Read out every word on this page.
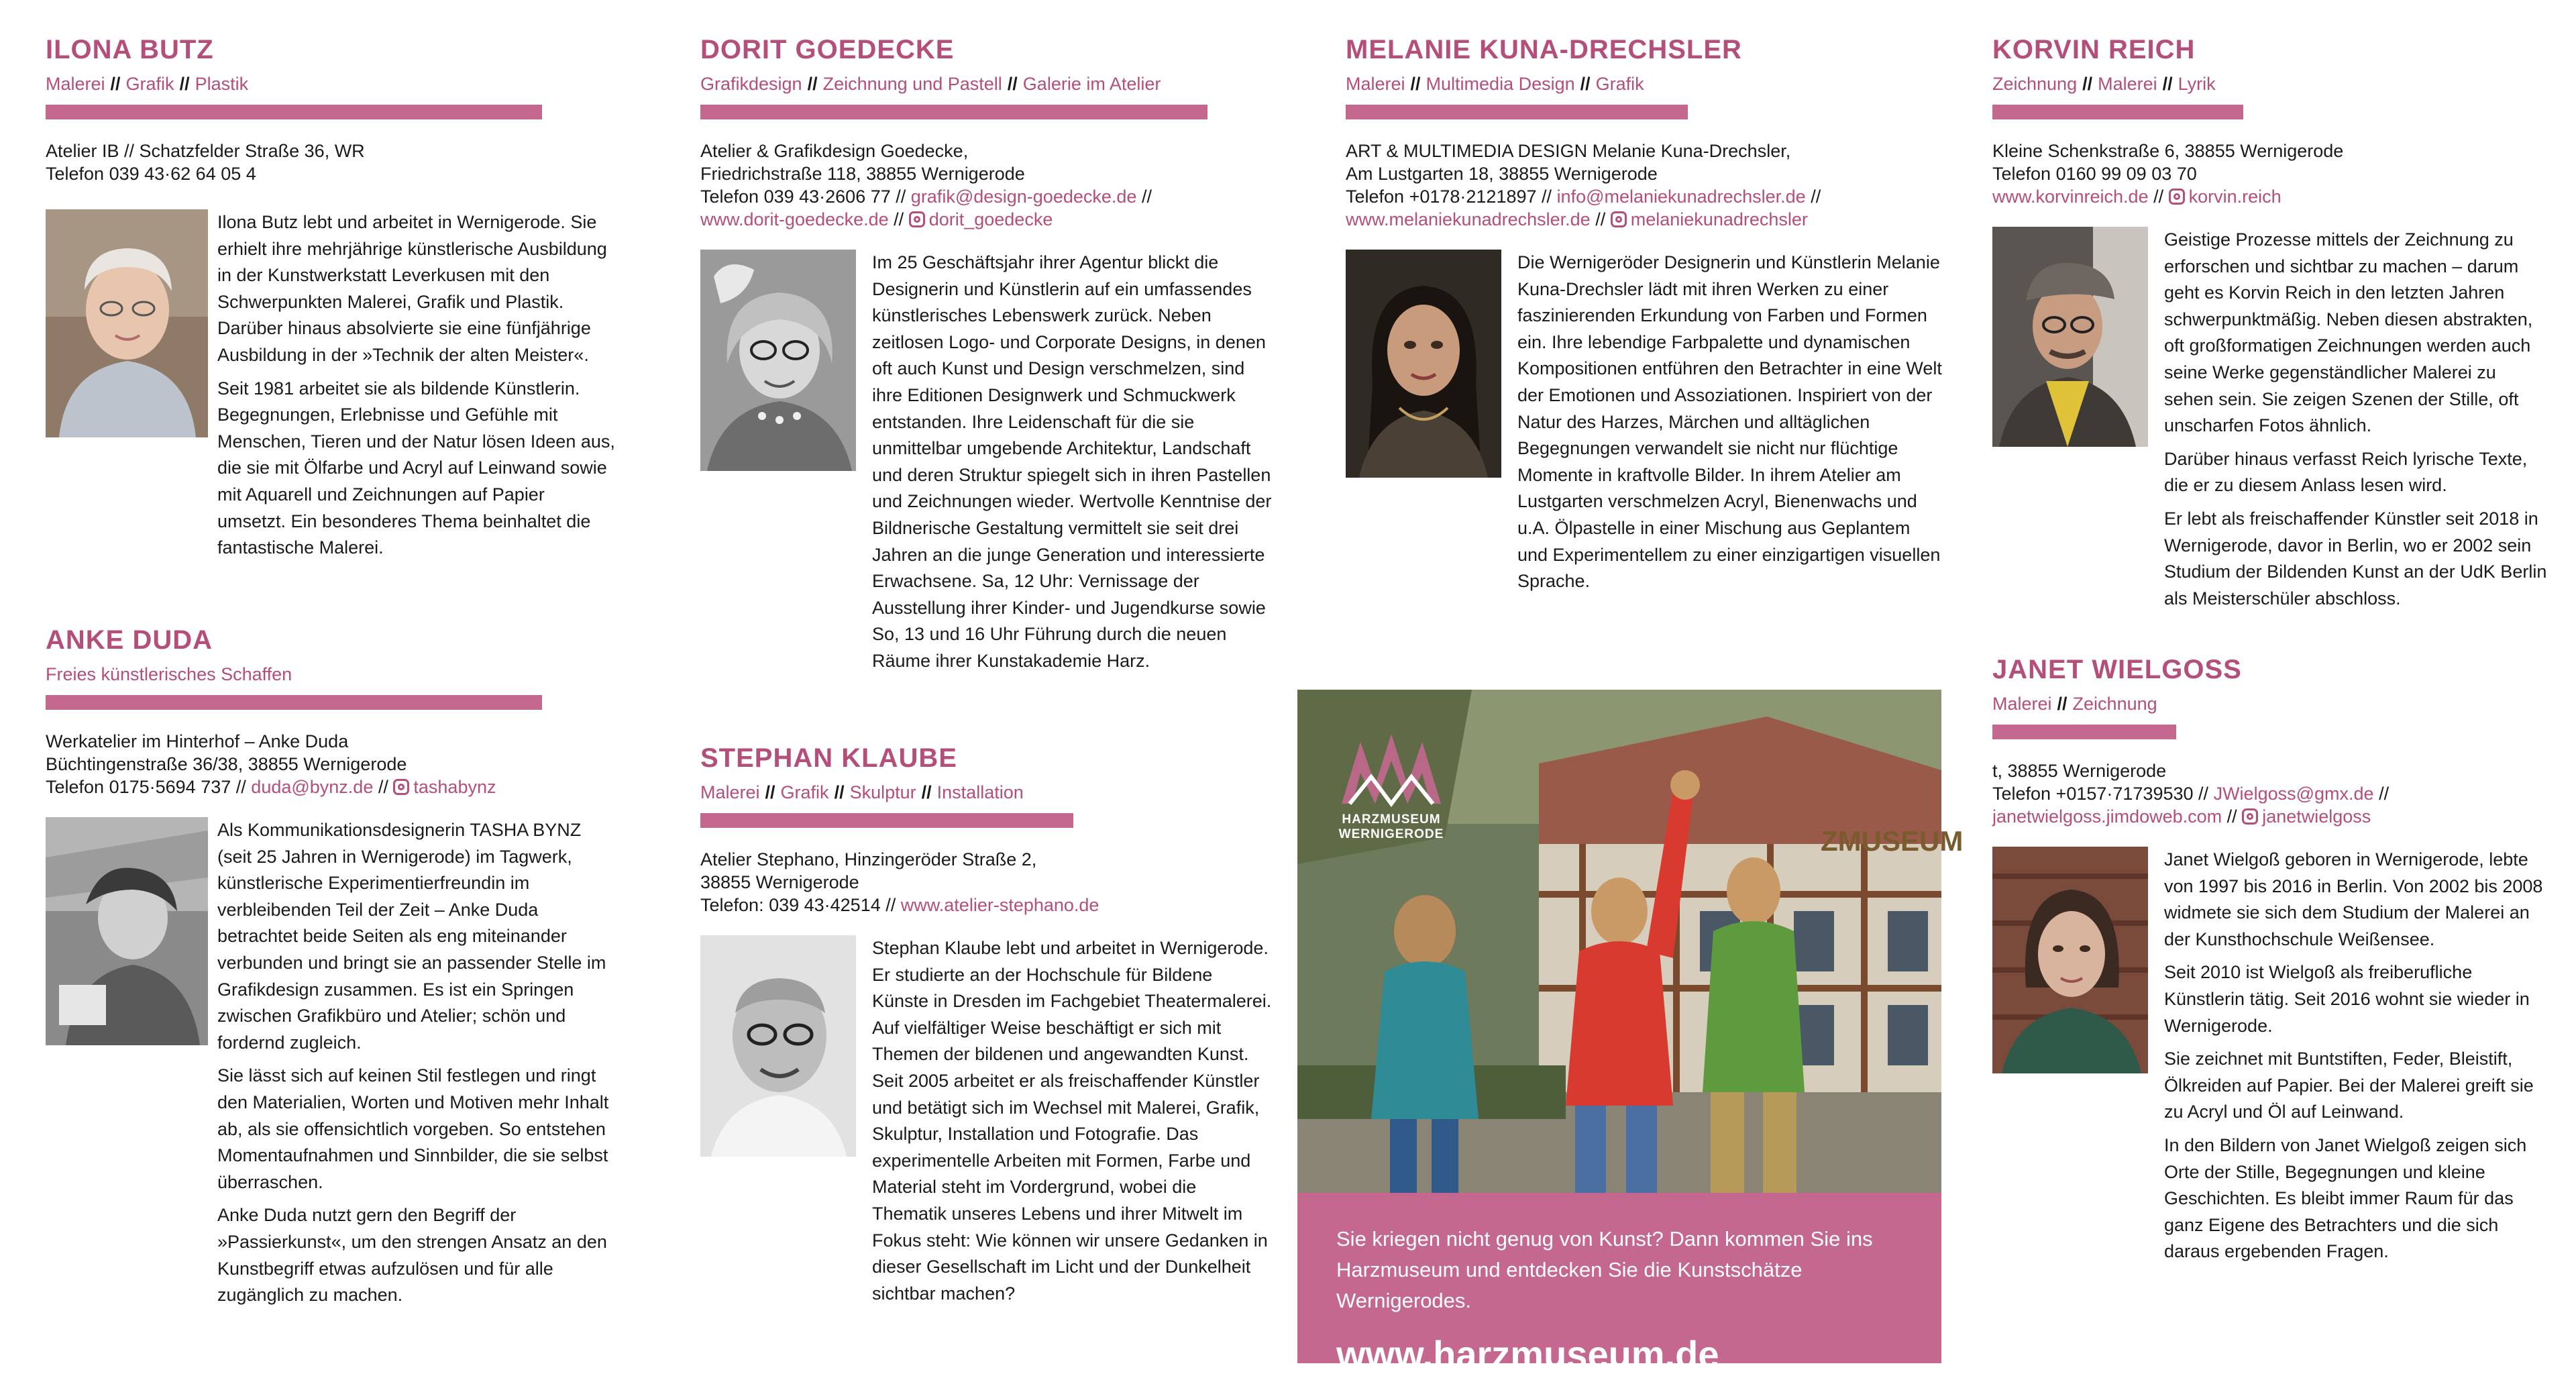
ILONA BUTZ
Malerei // Grafik // Plastik
Atelier IB // Schatzfelder Straße 36, WR
Telefon 039 43·62 64 05 4

Ilona Butz lebt und arbeitet in Wernigerode. Sie erhielt ihre mehrjährige künstlerische Ausbildung in der Kunstwerkstatt Leverkusen mit den Schwerpunkten Malerei, Grafik und Plastik. Darüber hinaus absolvierte sie eine fünfjährige Ausbildung in der »Technik der alten Meister«.

Seit 1981 arbeitet sie als bildende Künstlerin. Begegnungen, Erlebnisse und Gefühle mit Menschen, Tieren und der Natur lösen Ideen aus, die sie mit Ölfarbe und Acryl auf Leinwand sowie mit Aquarell und Zeichnungen auf Papier umsetzt. Ein besonderes Thema beinhaltet die fantastische Malerei.

ANKE DUDA
Freies künstlerisches Schaffen
Werkatelier im Hinterhof – Anke Duda
Büchtingenstraße 36/38, 38855 Wernigerode
Telefon 0175·5694 737 // duda@bynz.de // tashabynz

Als Kommunikationsdesignerin TASHA BYNZ (seit 25 Jahren in Wernigerode) im Tagwerk, künstlerische Experimentierfreundin im verbleibenden Teil der Zeit – Anke Duda betrachtet beide Seiten als eng miteinander verbunden und bringt sie an passender Stelle im Grafikdesign zusammen. Es ist ein Springen zwischen Grafikbüro und Atelier; schön und fordernd zugleich.

Sie lässt sich auf keinen Stil festlegen und ringt den Materialien, Worten und Motiven mehr Inhalt ab, als sie offensichtlich vorgeben. So entstehen Momentaufnahmen und Sinnbilder, die sie selbst überraschen.

Anke Duda nutzt gern den Begriff der »Passierkunst«, um den strengen Ansatz an den Kunstbegriff etwas aufzulösen und für alle zugänglich zu machen.

DORIT GOEDECKE
Grafikdesign // Zeichnung und Pastell // Galerie im Atelier
Atelier & Grafikdesign Goedecke,
Friedrichstraße 118, 38855 Wernigerode
Telefon 039 43·2606 77 // grafik@design-goedecke.de //
www.dorit-goedecke.de // dorit_goedecke

Im 25 Geschäftsjahr ihrer Agentur blickt die Designerin und Künstlerin auf ein umfassendes künstlerisches Lebenswerk zurück. Neben zeitlosen Logo- und Corporate Designs, in denen oft auch Kunst und Design verschmelzen, sind ihre Editionen Designwerk und Schmuckwerk entstanden. Ihre Leidenschaft für die sie unmittelbar umgebende Architektur, Landschaft und deren Struktur spiegelt sich in ihren Pastellen und Zeichnungen wieder. Wertvolle Kenntnise der Bildnerische Gestaltung vermittelt sie seit drei Jahren an die junge Generation und interessierte Erwachsene. Sa, 12 Uhr: Vernissage der Ausstellung ihrer Kinder- und Jugendkurse sowie So, 13 und 16 Uhr Führung durch die neuen Räume ihrer Kunstakademie Harz.

STEPHAN KLAUBE
Malerei // Grafik // Skulptur // Installation
Atelier Stephano, Hinzingeröder Straße 2,
38855 Wernigerode
Telefon: 039 43·42514 // www.atelier-stephano.de

Stephan Klaube lebt und arbeitet in Wernigerode. Er studierte an der Hochschule für Bildene Künste in Dresden im Fachgebiet Theatermalerei. Auf vielfältiger Weise beschäftigt er sich mit Themen der bildenen und angewandten Kunst. Seit 2005 arbeitet er als freischaffender Künstler und betätigt sich im Wechsel mit Malerei, Grafik, Skulptur, Installation und Fotografie. Das experimentelle Arbeiten mit Formen, Farbe und Material steht im Vordergrund, wobei die Thematik unseres Lebens und ihrer Mitwelt im Fokus steht: Wie können wir unsere Gedanken in dieser Gesellschaft im Licht und der Dunkelheit sichtbar machen?

MELANIE KUNA-DRECHSLER
Malerei // Multimedia Design // Grafik
ART & MULTIMEDIA DESIGN Melanie Kuna-Drechsler,
Am Lustgarten 18, 38855 Wernigerode
Telefon +0178·2121897 // info@melaniekunadrechsler.de //
www.melaniekunadrechsler.de // melaniekunadrechsler

Die Wernigeröder Designerin und Künstlerin Melanie Kuna-Drechsler lädt mit ihren Werken zu einer faszinierenden Erkundung von Farben und Formen ein. Ihre lebendige Farbpalette und dynamischen Kompositionen entführen den Betrachter in eine Welt der Emotionen und Assoziationen. Inspiriert von der Natur des Harzes, Märchen und alltäglichen Begegnungen verwandelt sie nicht nur flüchtige Momente in kraftvolle Bilder. In ihrem Atelier am Lustgarten verschmelzen Acryl, Bienenwachs und u.A. Ölpastelle in einer Mischung aus Geplantem und Experimentellem zu einer einzigartigen visuellen Sprache.

ZMUSEUM
HARZMUSEUM
WERNIGERODE
Sie kriegen nicht genug von Kunst? Dann kommen Sie ins Harzmuseum und entdecken Sie die Kunstschätze Wernigerodes.
www.harzmuseum.de
KORVIN REICH
Zeichnung // Malerei // Lyrik
Kleine Schenkstraße 6, 38855 Wernigerode
Telefon 0160 99 09 03 70
www.korvinreich.de // korvin.reich

Geistige Prozesse mittels der Zeichnung zu erforschen und sichtbar zu machen – darum geht es Korvin Reich in den letzten Jahren schwerpunktmäßig. Neben diesen abstrakten, oft großformatigen Zeichnungen werden auch seine Werke gegenständlicher Malerei zu sehen sein. Sie zeigen Szenen der Stille, oft unscharfen Fotos ähnlich.

Darüber hinaus verfasst Reich lyrische Texte, die er zu diesem Anlass lesen wird.

Er lebt als freischaffender Künstler seit 2018 in Wernigerode, davor in Berlin, wo er 2002 sein Studium der Bildenden Kunst an der UdK Berlin als Meisterschüler abschloss.

JANET WIELGOSS
Malerei // Zeichnung
t, 38855 Wernigerode
Telefon +0157·71739530 // JWielgoss@gmx.de //
janetwielgoss.jimdoweb.com // janetwielgoss

Janet Wielgoß geboren in Wernigerode, lebte von 1997 bis 2016 in Berlin. Von 2002 bis 2008 widmete sie sich dem Studium der Malerei an der Kunsthochschule Weißensee.

Seit 2010 ist Wielgoß als freiberufliche Künstlerin tätig. Seit 2016 wohnt sie wieder in Wernigerode.

Sie zeichnet mit Buntstiften, Feder, Bleistift, Ölkreiden auf Papier. Bei der Malerei greift sie zu Acryl und Öl auf Leinwand.

In den Bildern von Janet Wielgoß zeigen sich Orte der Stille, Begegnungen und kleine Geschichten. Es bleibt immer Raum für das ganz Eigene des Betrachters und die sich daraus ergebenden Fragen.
